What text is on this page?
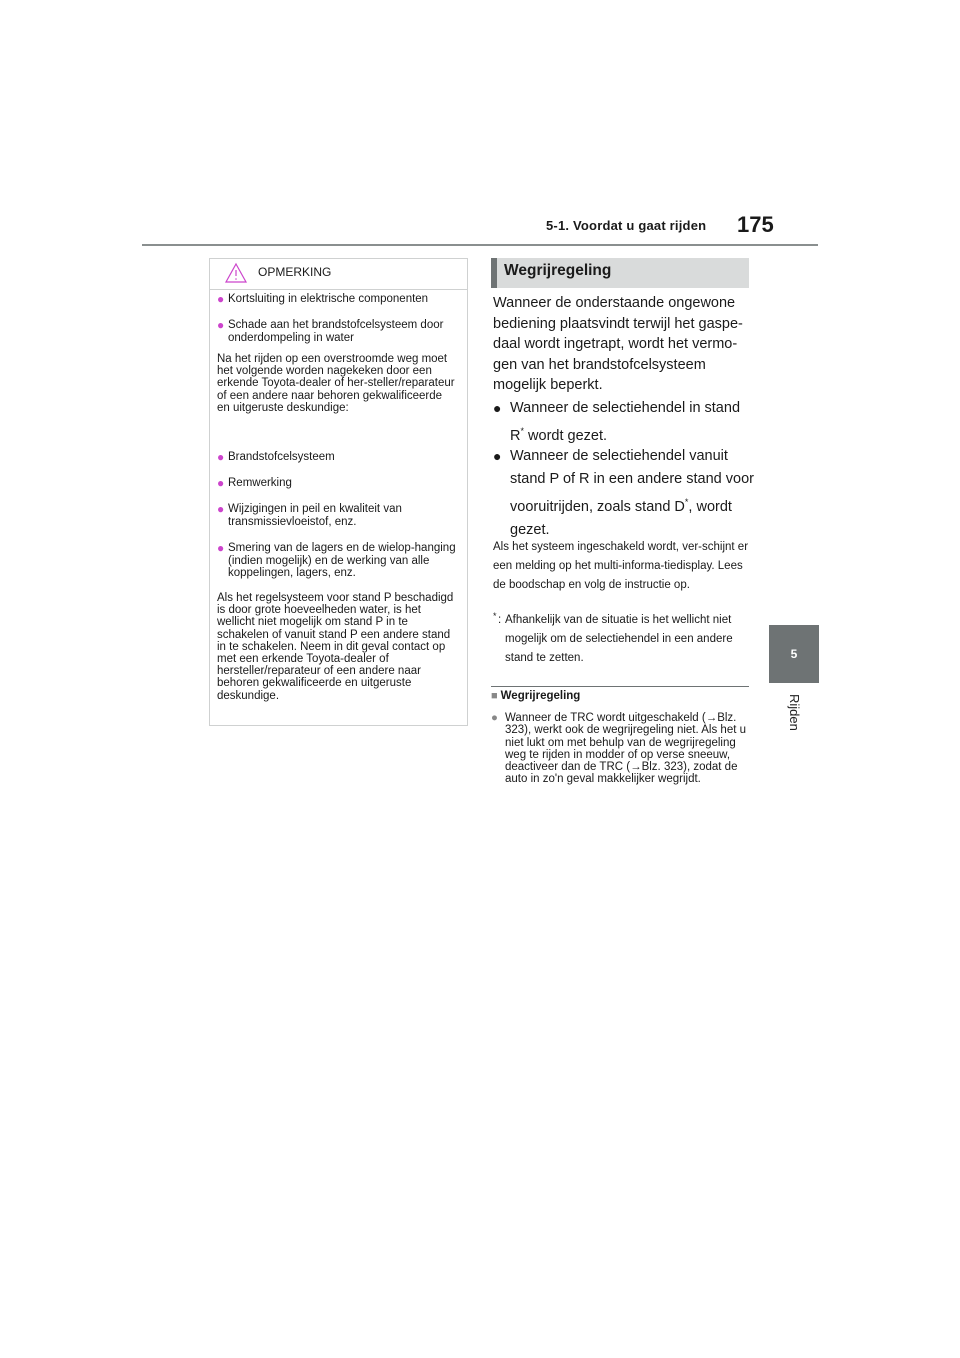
5-1. Voordat u gaat rijden 175
5
Rijden
OPMERKING
● Kortsluiting in elektrische componenten
● Schade aan het brandstofcelsysteem door onderdompeling in water
Na het rijden op een overstroomde weg moet het volgende worden nagekeken door een erkende Toyota-dealer of her-steller/reparateur of een andere naar behoren gekwalificeerde en uitgeruste deskundige:
● Brandstofcelsysteem
● Remwerking
● Wijzigingen in peil en kwaliteit van transmissievloeistof, enz.
● Smering van de lagers en de wielop-hanging (indien mogelijk) en de werking van alle koppelingen, lagers, enz.
Als het regelsysteem voor stand P beschadigd is door grote hoeveelheden water, is het wellicht niet mogelijk om stand P in te schakelen of vanuit stand P een andere stand in te schakelen. Neem in dit geval contact op met een erkende Toyota-dealer of hersteller/reparateur of een andere naar behoren gekwalificeerde en uitgeruste deskundige.
Wegrijregeling
Wanneer de onderstaande ongewone bediening plaatsvindt terwijl het gaspe-daal wordt ingetrapt, wordt het vermo-gen van het brandstofcelsysteem mogelijk beperkt.
● Wanneer de selectiehendel in stand R* wordt gezet.
● Wanneer de selectiehendel vanuit stand P of R in een andere stand voor vooruitrijden, zoals stand D*, wordt gezet.
Als het systeem ingeschakeld wordt, ver-schijnt er een melding op het multi-informa-tiedisplay. Lees de boodschap en volg de instructie op.
* : Afhankelijk van de situatie is het wellicht niet mogelijk om de selectiehendel in een andere stand te zetten.
■ Wegrijregeling
● Wanneer de TRC wordt uitgeschakeld (→Blz. 323), werkt ook de wegrijregeling niet. Als het u niet lukt om met behulp van de wegrijregeling weg te rijden in modder of op verse sneeuw, deactiveer dan de TRC (→Blz. 323), zodat de auto in zo'n geval makkelijker wegrijdt.
